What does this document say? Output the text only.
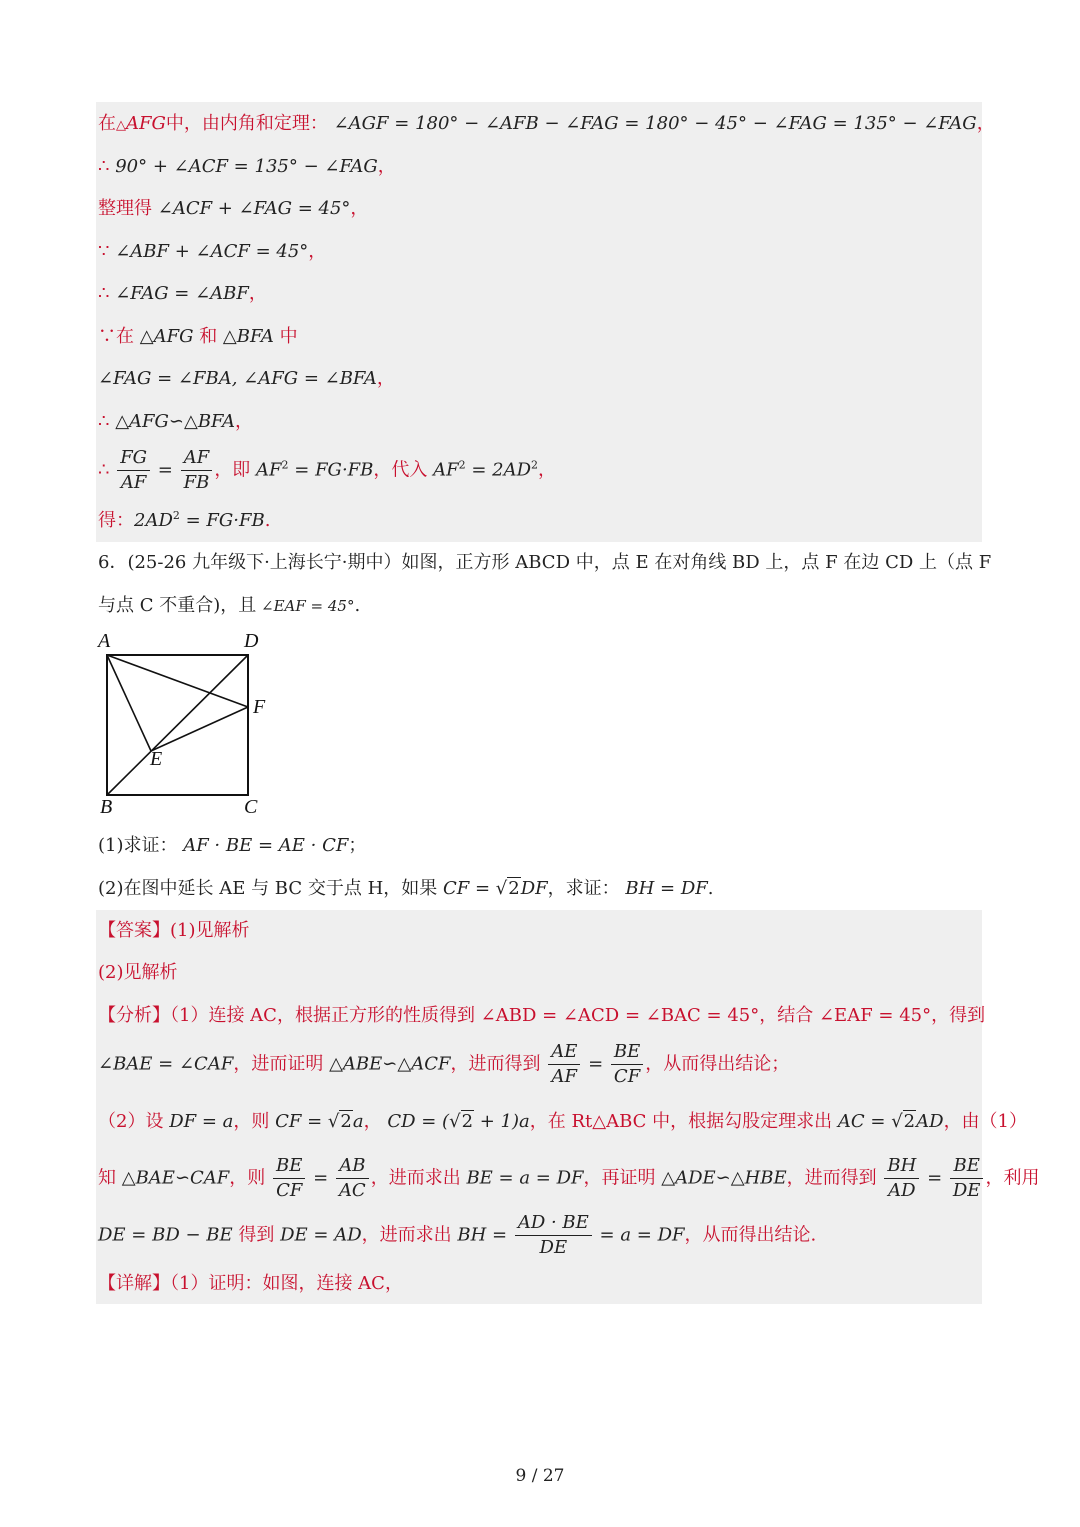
在△AFG中，由内角和定理： ∠AGF = 180° − ∠AFB − ∠FAG = 180° − 45° − ∠FAG = 135° − ∠FAG，
∴ 90° + ∠ACF = 135° − ∠FAG，
整理得 ∠ACF + ∠FAG = 45°，
∵ ∠ABF + ∠ACF = 45°，
∴ ∠FAG = ∠ABF，
∵在 △AFG 和 △BFA 中
∠FAG = ∠FBA, ∠AFG = ∠BFA，
∴ △AFG∽△BFA，
∴ $\frac{FG}{AF} = \frac{AF}{FB}$ ，即 $AF^2 = FG\cdot FB$，代入 $AF^2 = 2AD^2$，
得：$2AD^2 = FG\cdot FB$.
6．(25-26 九年级下·上海长宁·期中）如图，正方形 ABCD 中，点 E 在对角线 BD 上，点 F 在边 CD 上（点 F
与点 C 不重合)，且 ∠EAF = 45°.
A	D
F
E
B	C
(1)求证： AF · BE = AE · CF；
(2)在图中延长 AE 与 BC 交于点 H，如果 CF = √2DF，求证： BH = DF.
【答案】(1)见解析
(2)见解析
【分析】（1）连接 AC，根据正方形的性质得到 ∠ABD = ∠ACD = ∠BAC = 45°，结合 ∠EAF = 45°，得到
∠BAE = ∠CAF，进而证明 △ABE∽△ACF，进而得到 $\frac{AE}{AF} = \frac{BE}{CF}$ ，从而得出结论；
（2）设 DF = a，则 CF = √2a， CD = (√2 + 1)a，在 Rt△ABC 中，根据勾股定理求出 AC = √2AD，由（1）
知 △BAE∽CAF，则 $\frac{BE}{CF} = \frac{AB}{AC}$ ，进而求出 BE = a = DF，再证明 △ADE∽△HBE，进而得到 $\frac{BH}{AD} = \frac{BE}{DE}$ ，利用
DE = BD − BE 得到 DE = AD，进而求出 BH = $\frac{AD \cdot BE}{DE} = a$ = DF，从而得出结论.
【详解】（1）证明：如图，连接 AC，
9 / 27
